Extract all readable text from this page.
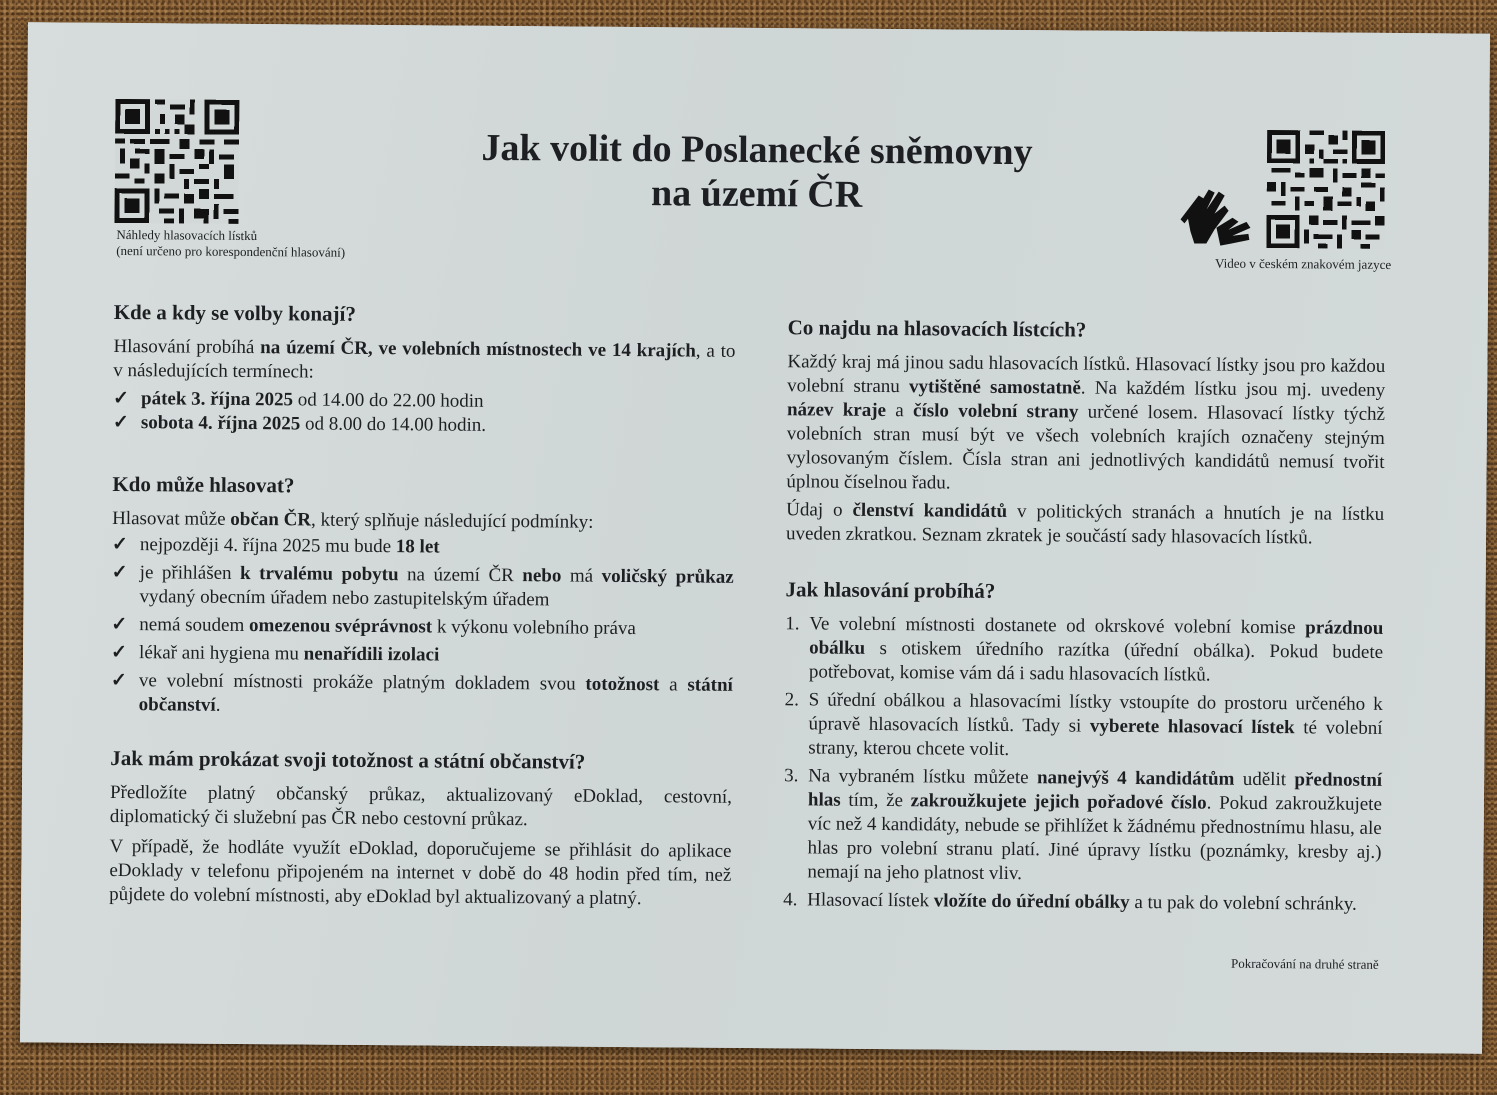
Náhledy hlasovacích lístků
(není určeno pro korespondenční hlasování)
Jak volit do Poslanecké sněmovny
na území ČR
Video v českém znakovém jazyce
Kde a kdy se volby konají?

Hlasování probíhá na území ČR, ve volebních místnostech ve 14 krajích, a to v následujících termínech:

✓ pátek 3. října 2025 od 14.00 do 22.00 hodin
✓ sobota 4. října 2025 od 8.00 do 14.00 hodin.
Kdo může hlasovat?

Hlasovat může občan ČR, který splňuje následující podmínky:

✓ nejpozději 4. října 2025 mu bude 18 let
✓ je přihlášen k trvalému pobytu na území ČR nebo má voličský průkaz vydaný obecním úřadem nebo zastupitelským úřadem
✓ nemá soudem omezenou svéprávnost k výkonu volebního práva
✓ lékař ani hygiena mu nenařídili izolaci
✓ ve volební místnosti prokáže platným dokladem svou totožnost a státní občanství.
Jak mám prokázat svoji totožnost a státní občanství?

Předložíte platný občanský průkaz, aktualizovaný eDoklad, cestovní, diplomatický či služební pas ČR nebo cestovní průkaz.

V případě, že hodláte využít eDoklad, doporučujeme se přihlásit do aplikace eDoklady v telefonu připojeném na internet v době do 48 hodin před tím, než půjdete do volební místnosti, aby eDoklad byl aktualizovaný a platný.

Co najdu na hlasovacích lístcích?

Každý kraj má jinou sadu hlasovacích lístků. Hlasovací lístky jsou pro každou volební stranu vytištěné samostatně. Na každém lístku jsou mj. uvedeny název kraje a číslo volební strany určené losem. Hlasovací lístky týchž volebních stran musí být ve všech volebních krajích označeny stejným vylosovaným číslem. Čísla stran ani jednotlivých kandidátů nemusí tvořit úplnou číselnou řadu.

Údaj o členství kandidátů v politických stranách a hnutích je na lístku uveden zkratkou. Seznam zkratek je součástí sady hlasovacích lístků.

Jak hlasování probíhá?
1. Ve volební místnosti dostanete od okrskové volební komise prázdnou obálku s otiskem úředního razítka (úřední obálka). Pokud budete potřebovat, komise vám dá i sadu hlasovacích lístků.
2. S úřední obálkou a hlasovacími lístky vstoupíte do prostoru určeného k úpravě hlasovacích lístků. Tady si vyberete hlasovací lístek té volební strany, kterou chcete volit.
3. Na vybraném lístku můžete nanejvýš 4 kandidátům udělit přednostní hlas tím, že zakroužkujete jejich pořadové číslo. Pokud zakroužkujete víc než 4 kandidáty, nebude se přihlížet k žádnému přednostnímu hlasu, ale hlas pro volební stranu platí. Jiné úpravy lístku (poznámky, kresby aj.) nemají na jeho platnost vliv.
4. Hlasovací lístek vložíte do úřední obálky a tu pak do volební schránky.
Pokračování na druhé straně
